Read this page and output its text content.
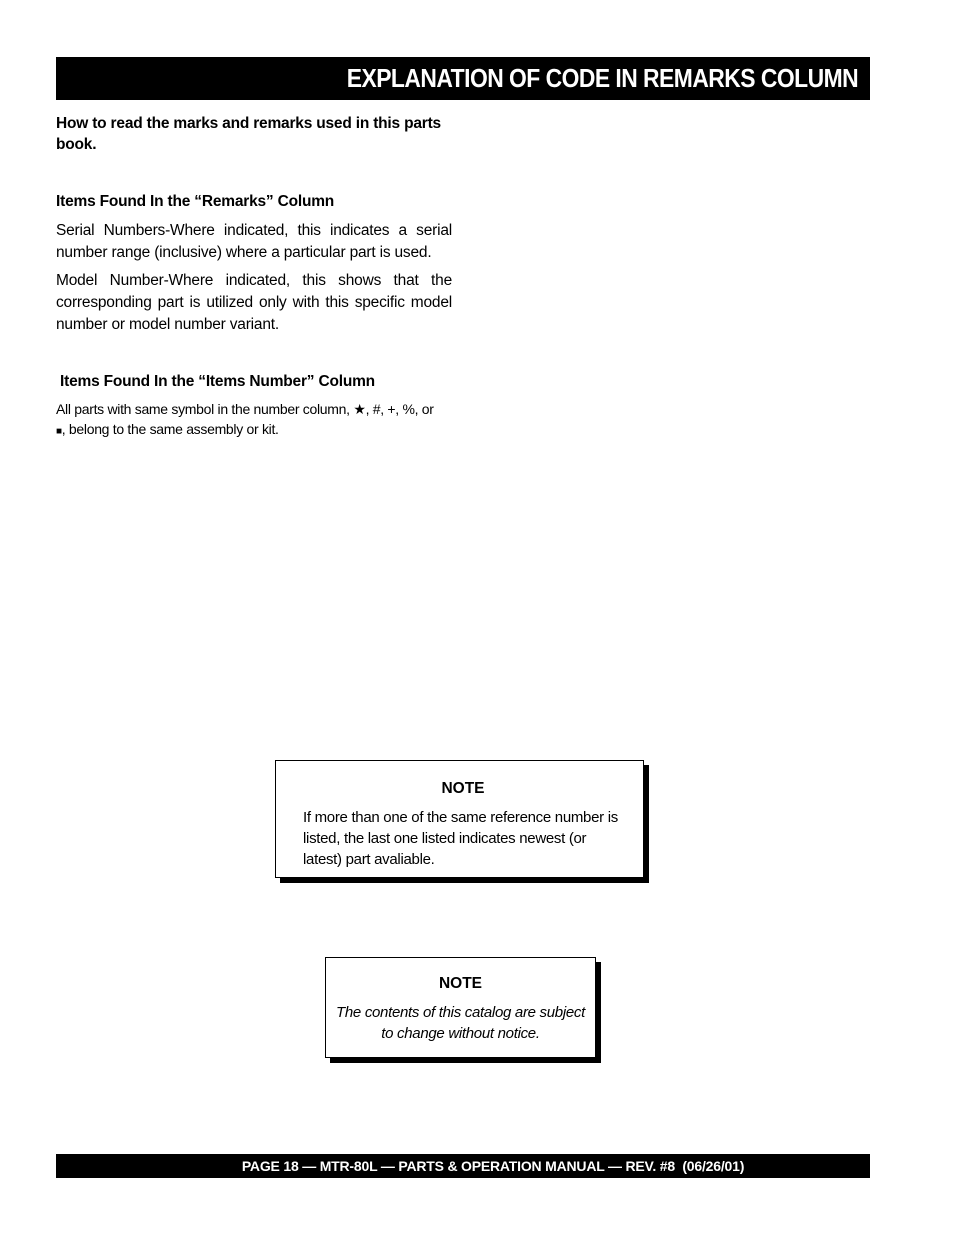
EXPLANATION OF CODE IN REMARKS COLUMN

How to read the marks and remarks used in this parts book.

Items Found In the “Remarks” Column

Serial Numbers-Where indicated, this indicates a serial number range (inclusive) where a particular part is used.

Model Number-Where indicated, this shows that the corresponding part is utilized only with this specific model number or model number variant.

Items Found In the “Items Number” Column

All parts with same symbol in the number column, ★, #, +, %, or
■, belong to the same assembly or kit.

NOTE

If more than one of the same reference number is listed, the last one listed indicates newest (or latest) part avaliable.

NOTE

The contents of this catalog are subject to change without notice.

PAGE 18 — MTR-80L — PARTS & OPERATION MANUAL — REV. #8  (06/26/01)
